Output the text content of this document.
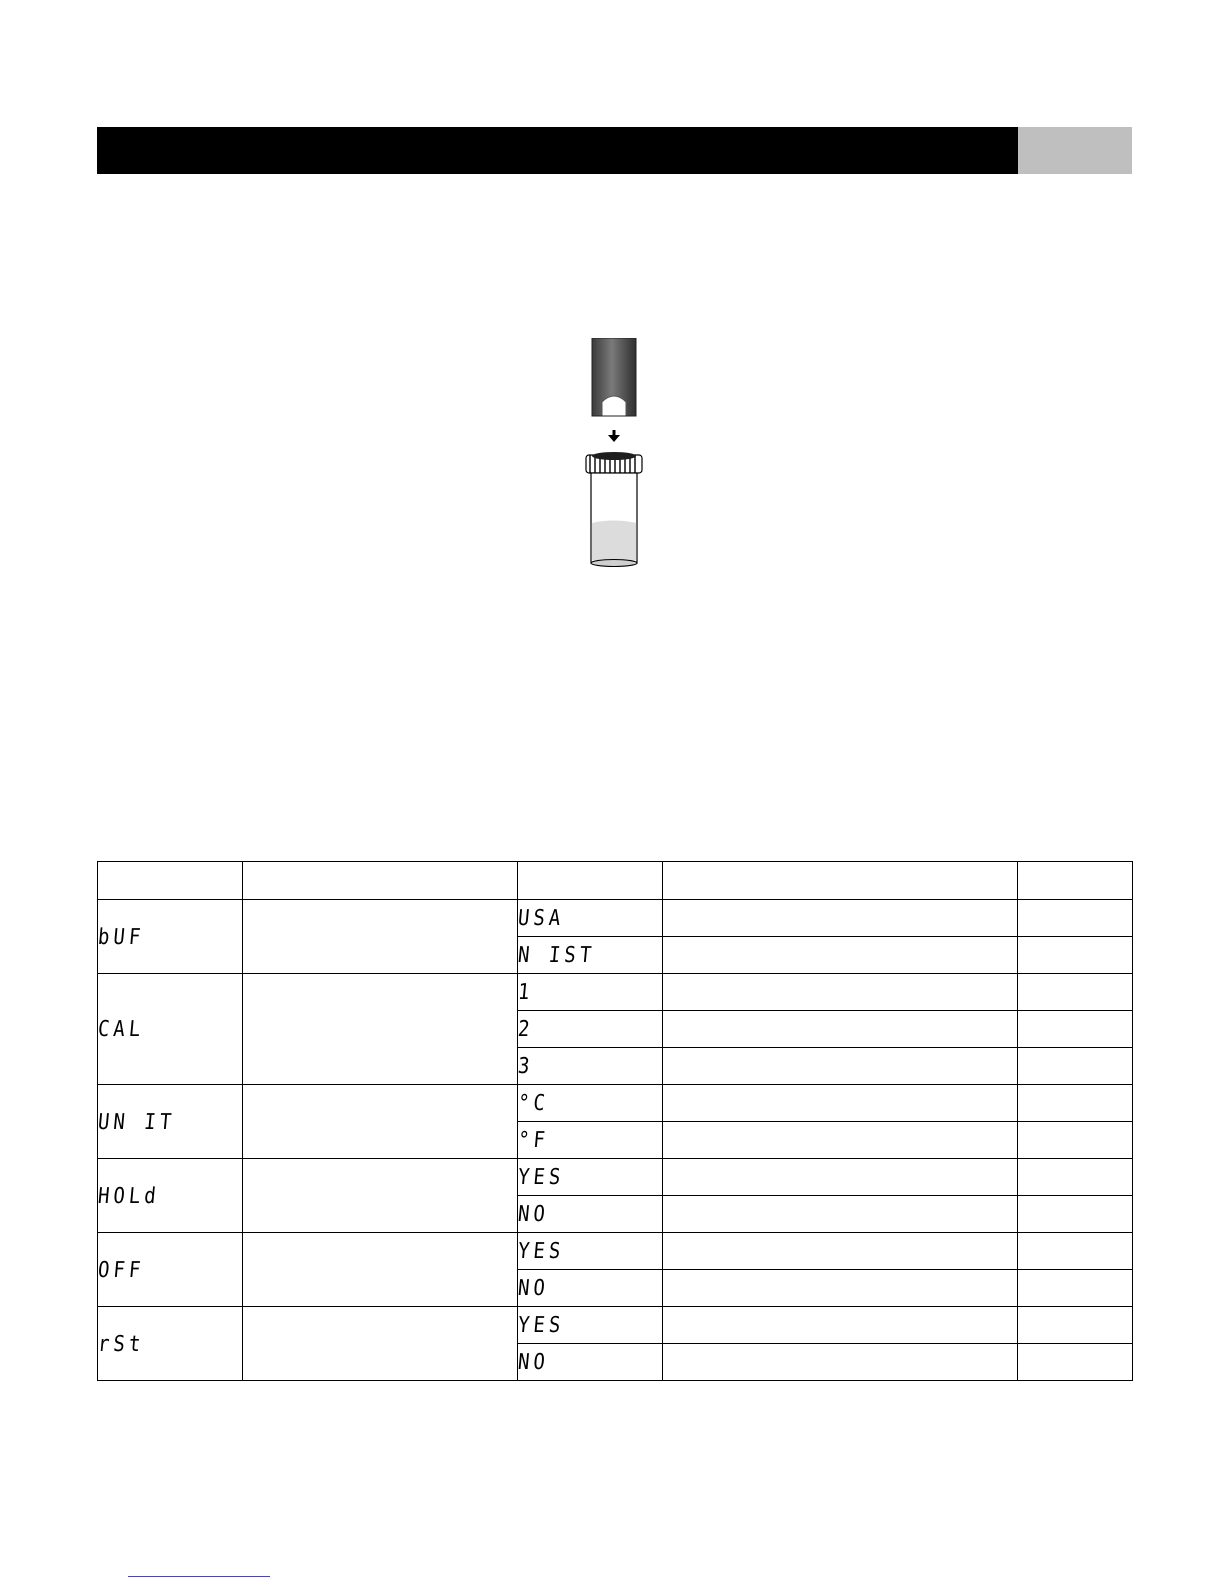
bUF		USA		
		N IST		
CAL		1		
		2		
		3		
UN IT		°C		
		°F		
HOLd		YES		
		NO		
OFF		YES		
		NO		
rSt		YES		
		NO		
